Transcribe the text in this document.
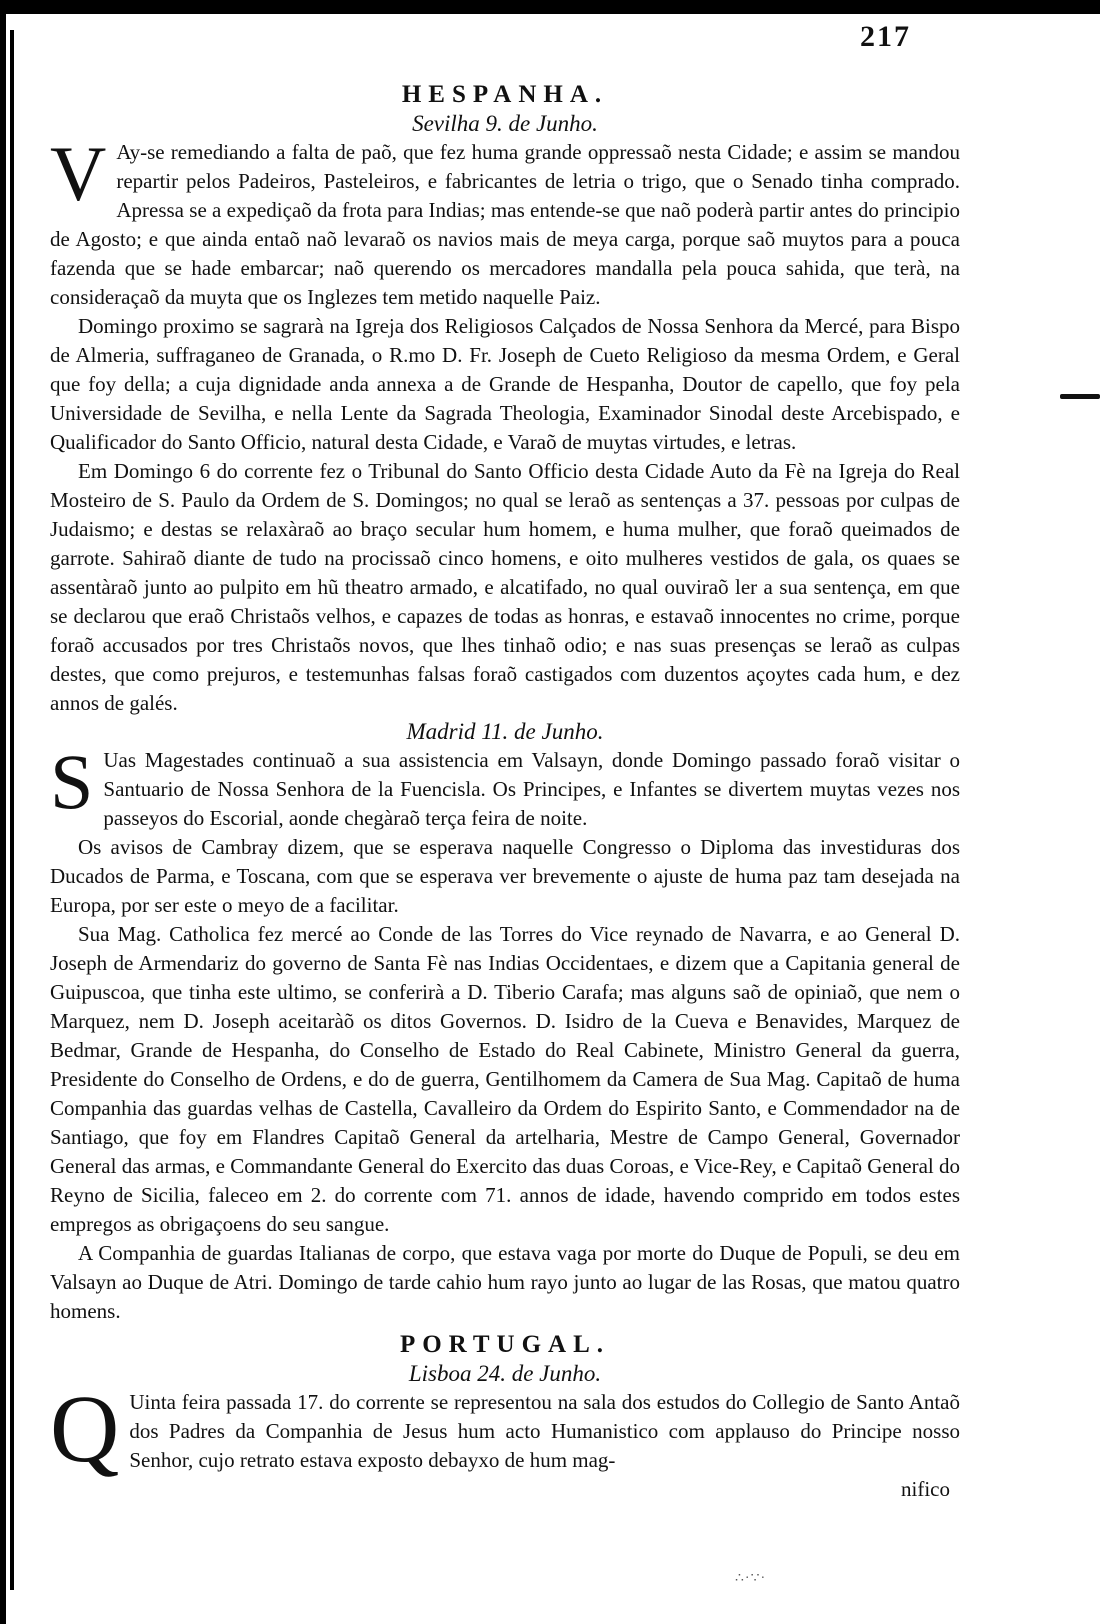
217
HESPANHA.

Sevilha 9. de Junho.

V Ay-se remediando a falta de paõ, que fez huma grande oppressaõ nesta Cidade; e assim se mandou repartir pelos Padeiros, Pasteleiros, e fabricantes de letria o trigo, que o Senado tinha comprado. Apressa se a expediçaõ da frota para Indias; mas entende-se que naõ poderà partir antes do principio de Agosto; e que ainda entaõ naõ levaraõ os navios mais de meya carga, porque saõ muytos para a pouca fazenda que se hade embarcar; naõ querendo os mercadores mandalla pela pouca sahida, que terà, na consideraçaõ da muyta que os Inglezes tem metido naquelle Paiz.

Domingo proximo se sagrarà na Igreja dos Religiosos Calçados de Nossa Senhora da Mercé, para Bispo de Almeria, suffraganeo de Granada, o R.mo D. Fr. Joseph de Cueto Religioso da mesma Ordem, e Geral que foy della; a cuja dignidade anda annexa a de Grande de Hespanha, Doutor de capello, que foy pela Universidade de Sevilha, e nella Lente da Sagrada Theologia, Examinador Sinodal deste Arcebispado, e Qualificador do Santo Officio, natural desta Cidade, e Varaõ de muytas virtudes, e letras.

Em Domingo 6 do corrente fez o Tribunal do Santo Officio desta Cidade Auto da Fè na Igreja do Real Mosteiro de S. Paulo da Ordem de S. Domingos; no qual se leraõ as sentenças a 37. pessoas por culpas de Judaismo; e destas se relaxàraõ ao braço secular hum homem, e huma mulher, que foraõ queimados de garrote. Sahiraõ diante de tudo na procissaõ cinco homens, e oito mulheres vestidos de gala, os quaes se assentàraõ junto ao pulpito em hũ theatro armado, e alcatifado, no qual ouviraõ ler a sua sentença, em que se declarou que eraõ Christaõs velhos, e capazes de todas as honras, e estavaõ innocentes no crime, porque foraõ accusados por tres Christaõs novos, que lhes tinhaõ odio; e nas suas presenças se leraõ as culpas destes, que como prejuros, e testemunhas falsas foraõ castigados com duzentos açoytes cada hum, e dez annos de galés.

Madrid 11. de Junho.

S Uas Magestades continuaõ a sua assistencia em Valsayn, donde Domingo passado foraõ visitar o Santuario de Nossa Senhora de la Fuencisla. Os Principes, e Infantes se divertem muytas vezes nos passeyos do Escorial, aonde chegàraõ terça feira de noite.

Os avisos de Cambray dizem, que se esperava naquelle Congresso o Diploma das investiduras dos Ducados de Parma, e Toscana, com que se esperava ver brevemente o ajuste de huma paz tam desejada na Europa, por ser este o meyo de a facilitar.

Sua Mag. Catholica fez mercé ao Conde de las Torres do Vice reynado de Navarra, e ao General D. Joseph de Armendariz do governo de Santa Fè nas Indias Occidentaes, e dizem que a Capitania general de Guipuscoa, que tinha este ultimo, se conferirà a D. Tiberio Carafa; mas alguns saõ de opiniaõ, que nem o Marquez, nem D. Joseph aceitaràõ os ditos Governos. D. Isidro de la Cueva e Benavides, Marquez de Bedmar, Grande de Hespanha, do Conselho de Estado do Real Cabinete, Ministro General da guerra, Presidente do Conselho de Ordens, e do de guerra, Gentilhomem da Camera de Sua Mag. Capitaõ de huma Companhia das guardas velhas de Castella, Cavalleiro da Ordem do Espirito Santo, e Commendador na de Santiago, que foy em Flandres Capitaõ General da artelharia, Mestre de Campo General, Governador General das armas, e Commandante General do Exercito das duas Coroas, e Vice-Rey, e Capitaõ General do Reyno de Sicilia, faleceo em 2. do corrente com 71. annos de idade, havendo comprido em todos estes empregos as obrigaçoens do seu sangue.

A Companhia de guardas Italianas de corpo, que estava vaga por morte do Duque de Populi, se deu em Valsayn ao Duque de Atri. Domingo de tarde cahio hum rayo junto ao lugar de las Rosas, que matou quatro homens.

PORTUGAL.

Lisboa 24. de Junho.

Q Uinta feira passada 17. do corrente se representou na sala dos estudos do Collegio de Santo Antaõ dos Padres da Companhia de Jesus hum acto Humanistico com applauso do Principe nosso Senhor, cujo retrato estava exposto debayxo de hum mag-

nifico

∴·∵·
